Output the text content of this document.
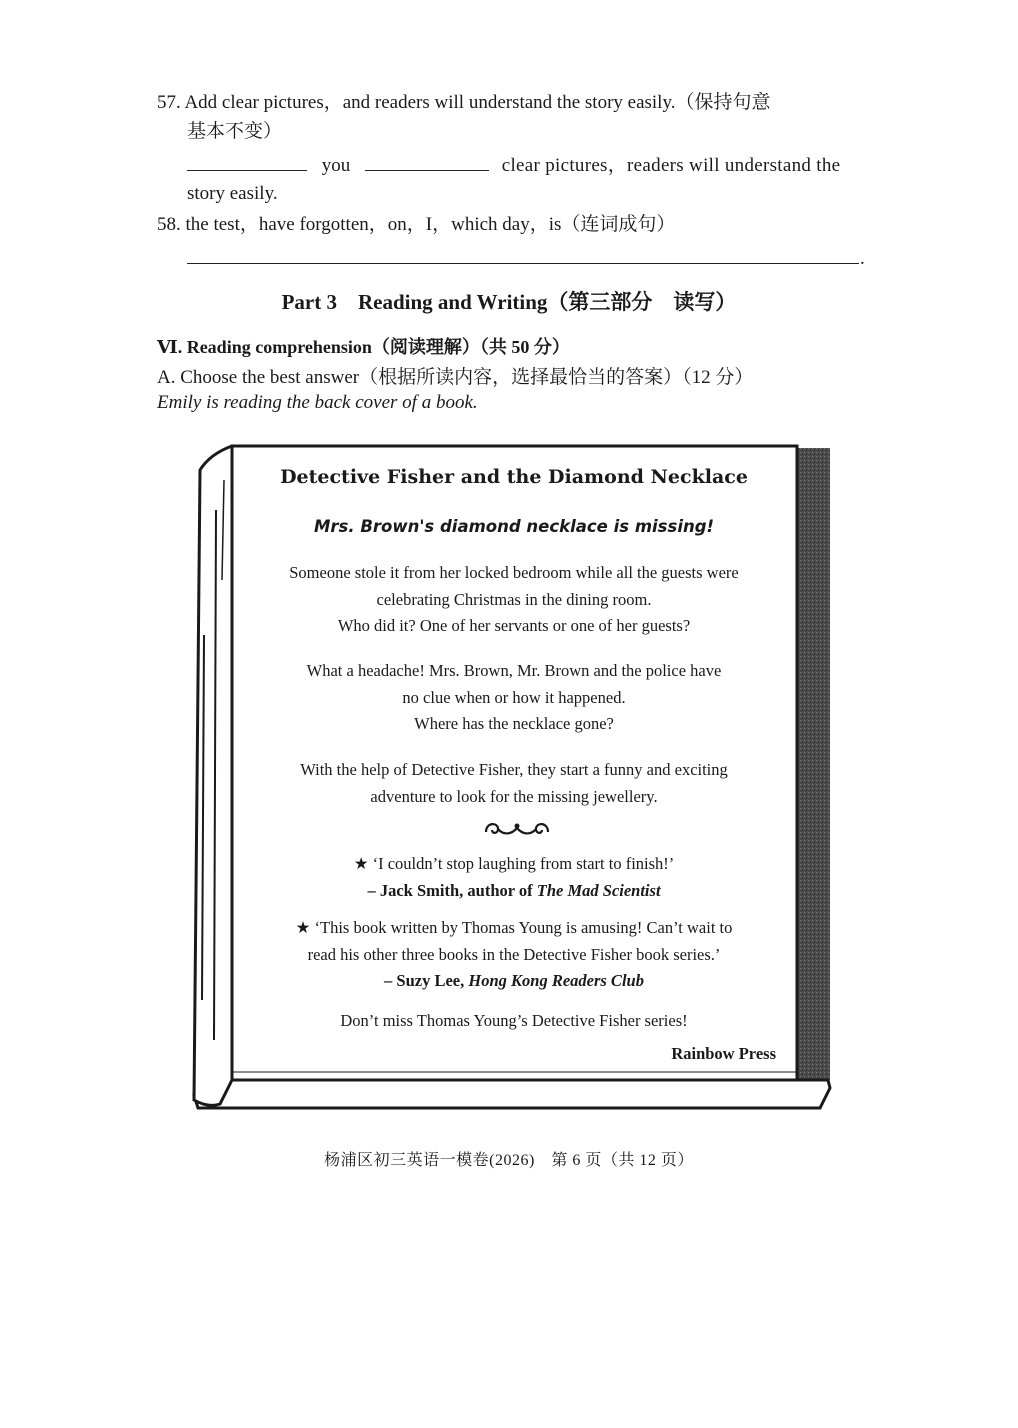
57. Add clear pictures，and readers will understand the story easily.（保持句意
基本不变）
you	clear pictures，readers will understand the
story easily.
58. the test，have forgotten，on，I，which day，is（连词成句）
.
Part 3　Reading and Writing（第三部分　读写）
Ⅵ. Reading comprehension（阅读理解）（共 50 分）
A. Choose the best answer（根据所读内容，选择最恰当的答案）（12 分）
Emily is reading the back cover of a book.
Detective Fisher and the Diamond Necklace
Mrs. Brown's diamond necklace is missing!
Someone stole it from her locked bedroom while all the guests were
celebrating Christmas in the dining room.
Who did it? One of her servants or one of her guests?
What a headache! Mrs. Brown, Mr. Brown and the police have
no clue when or how it happened.
Where has the necklace gone?
With the help of Detective Fisher, they start a funny and exciting
adventure to look for the missing jewellery.
★ ‘I couldn’t stop laughing from start to finish!’
– Jack Smith, author of The Mad Scientist
★ ‘This book written by Thomas Young is amusing! Can’t wait to
read his other three books in the Detective Fisher book series.’
– Suzy Lee, Hong Kong Readers Club
Don’t miss Thomas Young’s Detective Fisher series!
Rainbow Press
杨浦区初三英语一模卷(2026)　第 6 页（共 12 页）
